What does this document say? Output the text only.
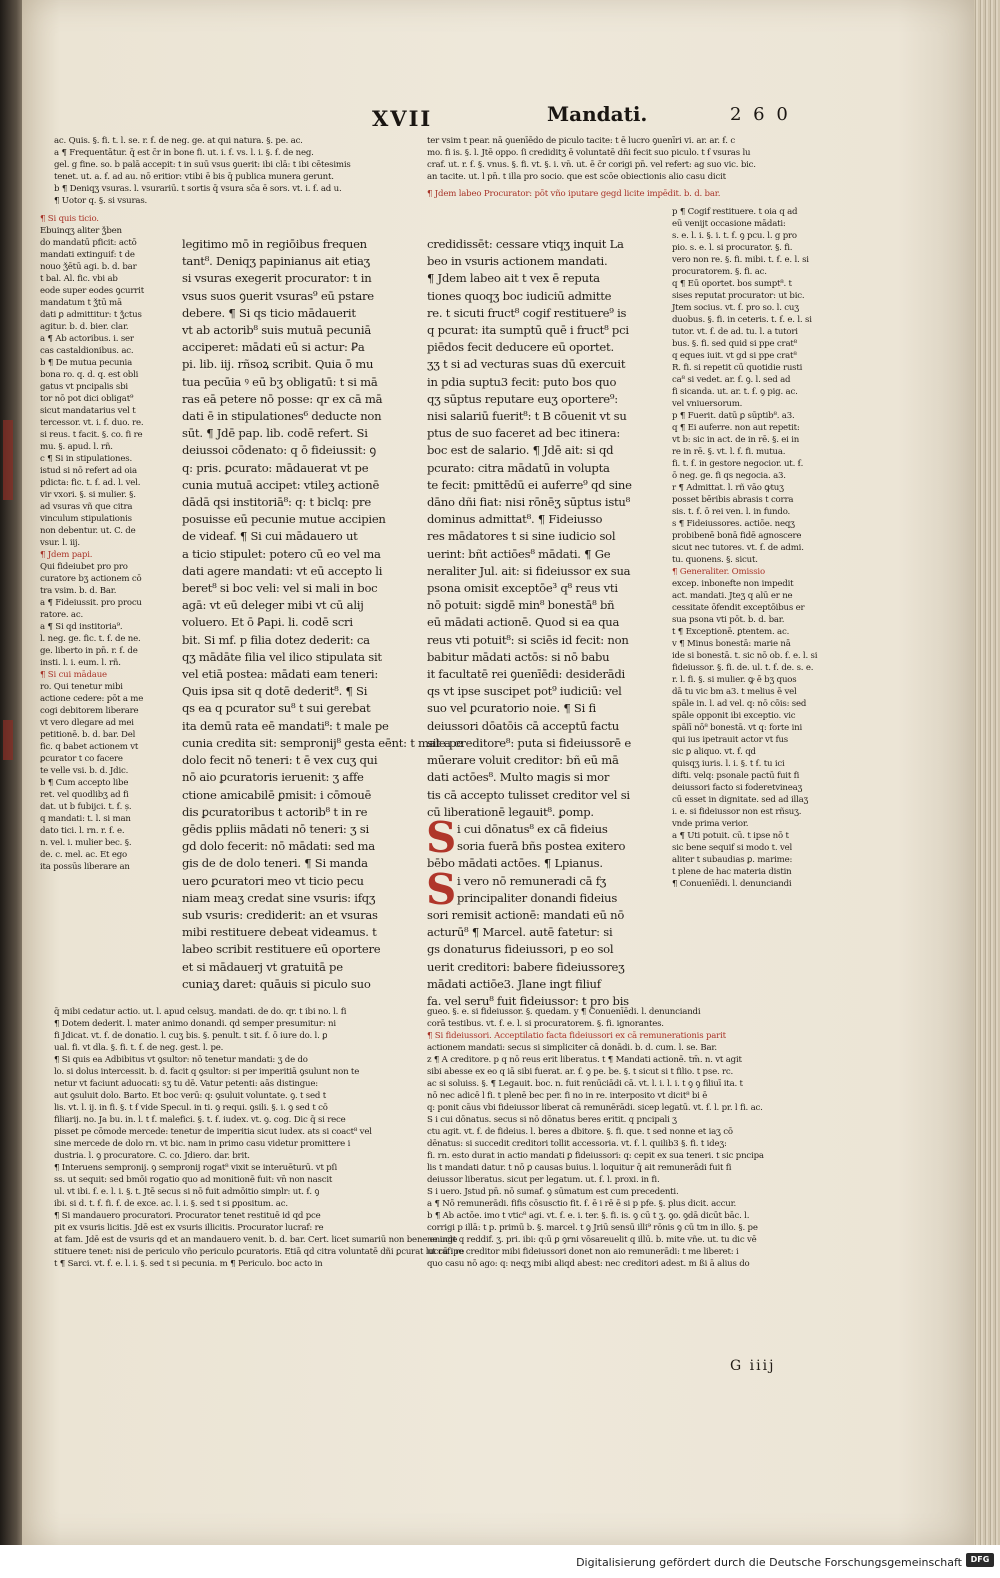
XVII	Mandati.	2 6 0
ac. Quis. §. fi. t. l. se. r. ẜ. de neg. ge. at qui natura. §. pe. ac.
a ¶ Frequentātur. q̄ est c̄r in bone fi. ut. i. ẜ. vs. l. i. §. ẜ. de neg.
gel. g fine. so. b palā accepit: t in suū vsus ꝯuerit: ibi clā: t ibi cētesimis
tenet. ut. a. ẜ. ad au. nō eritior: vtibi ē bis q̄ publica munera gerunt.
b ¶ Deniqʒ vsuras. l. vsurariū. t sortis q̄ vsura sc̄a ē sors. vt. i. ẜ. ad u.
¶ Uotor q. §. si vsuras.
ter vsim t pear. nā ꝯuenīēdo de piculo tacite: t ē lucro ꝯuenīri vi. ar. ar. ẜ. c
mo. fi is. §. l. Jtē oppo. ſi crediditʒ ē voluntatē dn̄i fecit suo piculo. t ẜ vsuras lu
craf. ut. r. ẜ. §. vnus. §. fi. vt. §. i. vn̄. ut. ē c̄r corigi pn̄. vel refert: ag suo vic. bic.
an tacite. ut. l pn̄. t illa pro socio. que est scōe obiectionis alio casu dicit
¶ Si quis ticio.
Ebuinqʒ aliter ǯben
do mandatū pficit: actō
mandati extinguif: t de
nouo ǯētū agi. b. d. bar
t bal. Al. fic. vbi ab
eode super eodes ꝯcurrit
mandatum t ǯtū mā
dati ꝑ admittitur: t ǯctus
agitur. b. d. bier. clar.
a ¶ Ab actoribus. i. ser
cas castaldionibus. ac.
b ¶ De mutua pecunia
bona ro. q. d. q. est obli
gatus vt pncipalis sbi
tor nō pot dici obligat⁹
sicut mandatarius vel t
tercessor. vt. i. ẜ. duo. re.
si reus. t facit. §. co. fi re
mu. §. apud. l. rñ.
c ¶ Si in stipulationes.
istud si nō refert ad oia
pdicta: fic. t. ẜ. ad. l. vel.
vir vxori. §. si mulier. §.
ad vsuras vñ que citra
vinculum stipulationis
non debentur. ut. C. de
vsur. l. iij.
¶ Jdem papi.
Qui fideiubet pro pro
curatore bʒ actionem cō
tra vsim. b. d. Bar.
a ¶ Fideiussit. pro procu
ratore. ac.
a ¶ Si qd institoria⁹.
l. neg. ge. fic. t. ẜ. de ne.
ge. liberto in pn̄. r. ẜ. de
insti. l. i. eum. l. rñ.
¶ Si cui mādaue
ro. Qui tenetur mibi
actione cedere: pōt a me
cogi debitorem liberare
vt vero dlegare ad mei
petitionē. b. d. bar. Del
fic. q babet actionem vt
ꝑcurator t co facere
te velle vsi. b. d. Jdic.
b ¶ Cum accepto libe
ret. vel quodlibʒ ad fi
dat. ut b fubijci. t. ẜ. ș.
q mandati: t. l. si man
dato tici. l. rn. r. ẜ. e.
n. vel. i. mulier bec. §.
de. c. mel. ac. Et ego
ita possūs liberare an
legitimo mō in regiōibus frequen
tant⁸. Deniqʒ papinianus ait etiaʒ
si vsuras exegerit procurator: t in
vsus suos ꝯuerit vsuras⁹ eū pstare
debere. ¶ Si qs ticio mādauerit
vt ab actorib⁸ suis mutuā pecuniā
acciperet: mādati eū si actur: Ꝑa
pi. lib. iij. rñsoꝝ scribit. Quia ō mu
tua pecūia ꝰ eū bʒ obligatū: t si mā
ras eā petere nō posse: qr ex cā mā
dati ē in stipulationes⁶ deducte non
sūt. ¶ Jdē pap. lib. codē refert. Si
deiussoi cōdenato: q ō fideiussit: ꝯ
q: pris. ꝑcurato: mādauerat vt pe
cunia mutuā accipet: vtileʒ actionē
dādā qsi institoriā⁸: q: t biclq: pre
posuisse eū pecunie mutue accipien
de videaf. ¶ Si cui mādauero ut
a ticio stipulet: potero cū eo vel ma
dati agere mandati: vt eū accepto li
beret⁸ si boc veli: vel si mali in boc
agā: vt eū deleger mibi vt cū alij
voluero. Et ō Ꝑapi. li. codē scri
bit. Si mf. p filia dotez dederit: ca
qʒ mādāte filia vel ilico stipulata sit
vel etiā postea: mādati eam teneri:
Quis ipsa sit q dotē dederit⁸. ¶ Si
qs ea q pcurator su⁸ t sui gerebat
ita demū rata eē mandati⁸: t male pe
cunia credita sit: sempronij⁸ gesta eēnt: t male pe
dolo fecit nō teneri: t ē vex cuʒ qui
nō aio ꝑcuratoris ieruenit: ʒ affe
ctione amicabilē ꝑmisit: i cōmouē
dis ꝑcuratoribus t actorib⁸ t in re
gēdis ppliis mādati nō teneri: ʒ si
gd dolo fecerit: nō mādati: sed ma
gis de de dolo teneri. ¶ Si manda
uero ꝑcuratori meo vt ticio pecu
niam meaʒ credat sine vsuris: ifqʒ
sub vsuris: crediderit: an et vsuras
mibi restituere debeat videamus. t
labeo scribit restituere eū oportere
et si mādauerj vt gratuitā pe
cuniaʒ daret: quāuis si piculo suo
credidissēt: cessare vtiqʒ inquit La
beo in vsuris actionem mandati.
¶ Jdem labeo ait t vex ē reputa
tiones quoqʒ boc iudiciū admitte
re. t sicuti fruct⁸ cogif restituere⁹ is
q pcurat: ita sumptū quē i fruct⁸ pci
piēdos fecit deducere eū oportet.
ʒʒ t si ad vecturas suas dū exercuit
in pdia suptu3 fecit: puto bos quo
qʒ sūptus reputare euʒ oportere⁹:
nisi salariū fuerit⁸: t B cōuenit vt su
ptus de suo faceret ad bec itinera:
boc est de salario. ¶ Jdē ait: si qd
pcurato: citra mādatū in volupta
te fecit: pmittēdū ei auferre⁹ qd sine
dāno dñi fiat: nisi rōnēʒ sūptus istu⁸
dominus admittat⁸. ¶ Fideiusso
res mādatores t si sine iudicio sol
uerint: bñt actiōes⁸ mādati. ¶ Ge
neraliter Jul. ait: si fideiussor ex sua
psona omisit exceptōe³ q⁸ reus vti
nō potuit: sigdē min⁸ bonestā⁸ bñ
eū mādati actionē. Quod si ea qua
reus vti potuit⁸: si sciēs id fecit: non
babitur mādati actōs: si nō babu
it facultatē rei ꝯuenīēdi: desiderādi
qs vt ipse suscipet pot⁹ iudiciū: vel
suo vel ꝑcuratorio noie. ¶ Si fi
deiussori dōatōis cā acceptū factu
sit a creditore⁸: puta si fideiussorē e
mūerare voluit creditor: bñ eū mā
dati actōes⁸. Multo magis si mor
tis cā accepto tulisset creditor vel si
cū liberationē legauit⁸. ꝑomp.
i cui dōnatus⁸ ex cā fideius
soria fuerā bñs postea exitero
bēbo mādati actōes. ¶ Lpianus.
i vero nō remuneradi cā fʒ
principaliter donandi fideius
sori remisit actionē: mandati eū nō
acturū⁸ ¶ Marcel. autē fatetur: si
gs donaturus fideiussori, p eo sol
uerit creditori: babere fideiussoreʒ
mādati actiōe3. Jlane ingt filiuf
fa. vel seru⁸ fuit fideiussor: t pro bis
S
S
¶ Jdem labeo Procurator: pōt vño iputare gegd licite impēdit. b. d. bar.
p ¶ Cogif restituere. t oia q ad
eū venijt occasione mādati:
s. e. l. i. §. i. t. ẜ. ꝯ pcu. l. g pro
pio. s. e. l. si procurator. §. fi.
vero non re. §. fi. mibi. t. ẜ. e. l. si
procuratorem. §. fi. ac.
q ¶ Eū oportet. bos sumpt⁸. t
sises reputat procurator: ut bic.
Jtem socius. vt. ẜ. pro so. l. cuʒ
duobus. §. fi. in ceteris. t. ẜ. e. l. si
tutor. vt. ẜ. de ad. tu. l. a tutori
bus. §. fi. sed quid si ppe crat⁸
q eques iuit. vt gd si ppe crat⁸
R. fi. si repetit cū quotidie rusti
ca⁸ si vedet. ar. ẜ. ꝯ. l. sed ad
fi sicanda. ut. ar. t. ẜ. ꝯ pig. ac.
vel vniuersorum.
p ¶ Fuerit. datū ꝑ sūptib⁸. a3.
q ¶ Ei auferre. non aut repetit:
vt b: sic in act. de in rē. §. ei in
re in rē. §. vt. l. ẜ. fi. mutua.
fi. t. ẜ. in gestore negocior. ut. ẜ.
ō neg. ge. fi qs negocia. a3.
r ¶ Admittat. l. rñ vāo ꝙtuʒ
posset bēribis abrasis t corra
sis. t. ẜ. ō rei ven. l. in fundo.
s ¶ Fideiussores. actiōe. neqʒ
probibenē bonā fidē agnoscere
sicut nec tutores. vt. ẜ. de admi.
tu. quonens. §. sicut.
¶ Generaliter. Omissio
excep. inbonefte non impedit
act. mandati. Jteʒ q alū er ne
cessitate ōfendit exceptōibus er
sua psona vti pōt. b. d. bar.
t ¶ Exceptionē. ꝑtentem. ac.
v ¶ Minus bonestā: marie nā
ide si bonestā. t. sic nō ob. ẜ. e. l. si
fideiussor. §. fi. de. ul. t. ẜ. de. s. e.
r. l. fi. §. si mulier. ꝙ ē bʒ quos
dā tu vic bm a3. t melius ē vel
spāle in. l. ad vel. q: nō cōis: sed
spāle opponit ibi exceptio. vic
spālī nō⁸ bonestā. vt q: forte ini
qui ius ipetrauit actor vt fus
sic ꝑ aliquo. vt. ẜ. qd
quisqʒ iuris. l. i. §. t ẜ. tu ici
difti. velq: psonale pactū fuit fi
deiussori facto si foderetvineaʒ
cū esset in dignitate. sed ad illaʒ
i. e. si fideiussor non est rñsuʒ.
vnde prima verior.
a ¶ Uti potuit. cū. t ipse nō t
sic bene sequif si modo t. vel
aliter t subaudias ꝑ. marime:
t plene de hac materia distin
¶ Conuenīēdi. l. denunciandi
q̄ mibi cedatur actio. ut. l. apud celsuʒ. mandati. de do. qr. t ibi no. l. fi
¶ Dotem dederit. l. mater animo donandi. qd semper presumitur: ni
fi Jdicat. vt. ẜ. de donatio. l. cuʒ bis. §. penult. t sit. ẜ. ō iure do. l. ꝑ
ual. fi. vt dla. §. fi. t. ẜ. de neg. gest. l. pe.
¶ Si quis ea Adbibitus vt ꝯsultor: nō tenetur mandati: ʒ de do
lo. si dolus intercessit. b. d. facit q ꝯsultor: si per imperitiā ꝯsulunt non te
netur vt faciunt aduocati: sʒ tu dē. Vatur petenti: aās distingue:
aut ꝯsuluit dolo. Barto. Et boc verū: q: ꝯsuluit voluntate. ꝯ. t sed t
lis. vt. l. ij. in fi. §. t ẜ vide Specul. in ti. ꝯ requi. ꝯsili. §. i. ꝯ sed t cō
filiarij. no. Ja bu. in. l. t ẜ. malefici. §. t. ẜ. iudex. vt. ꝯ. cog. Dic q̄ si rece
pisset pe cōmode mercede: tenetur de imperitia sicut iudex. ats si coact⁸ vel
sine mercede de dolo rn. vt bic. nam in primo casu videtur promittere i
dustria. l. ꝯ procuratore. C. co. Jdiero. dar. brit.
¶ Interuens sempronij. ꝯ sempronij rogat⁸ vixit se interuēturū. vt pſi
ss. ut sequit: sed bmōi rogatio quo ad monitionē fuit: vn̄ non nascit
ul. vt ibi. ẜ. e. l. i. §. t. Jtē secus si nō fuit admōitio simplr: ut. ẜ. ꝯ
ibi. si d. t. ẜ. fi. ẜ. de exce. ac. l. i. §. sed t si ꝑpositum. ac.
¶ Si mandauero procuratori. Procurator tenet restituē id qd pce
pit ex vsuris licitis. Jdē est ex vsuris illicitis. Procurator lucraf: re
at fam. Jdē est de vsuris qd et an mandauero venit. b. d. bar. Cert. licet sumariū non bene enucle
stituere tenet: nisi de periculo vño periculo ꝑcuratoris. Etiā qd citra voluntatē dñi ꝑcurat lucraf: re
t ¶ Sarci. vt. ẜ. e. l. i. §. sed t si pecunia. m ¶ Periculo. boc acto in
gueo. §. e. si fideiussor. §. quedam. y ¶ Conuenīēdi. l. denunciandi
corā testibus. vt. ẜ. e. l. si procuratorem. §. fi. ignorantes.
¶ Si fideiussori. Acceptilatio facta fideiussori ex cā remunerationis parit
actionem mandati: secus si simpliciter cā donādi. b. d. cum. l. se. Bar.
z ¶ A creditore. p q nō reus erit liberatus. t ¶ Mandati actionē. tm̄. n. vt agit
sibi abesse ex eo q iā sibi fuerat. ar. ẜ. ꝯ pe. be. §. t sicut si t filio. t pse. rc.
ac si soluiss. §. ¶ Legauit. boc. n. fuit renūciādi cā. vt. l. i. l. i. t ꝯ ꝯ filiuī ita. t
nō nec adicē l fi. t plenē bec per. fi no in re. interposito vt dicit⁸ bi ē
q: ponit cāus vbi fideiussor liberat cā remunērādi. sicep legatū. vt. ẜ. l. pr. l fi. ac.
S i cui dōnatus. secus si nō dōnatus beres eritit. q pncipali ʒ
ctu agit. vt. ẜ. de fideius. l. beres a dbitore. §. fi. que. t sed nonne et iaʒ cō
dēnatus: si succedit creditori tollit accessoria. vt. ẜ. l. quilib3 §. fi. t ideʒ:
fi. rn. esto durat in actio mandati ꝑ fideiussori: q: cepit ex sua teneri. t sic pncipa
lis t mandati datur. t nō ꝑ causas buius. l. loquitur q̄ ait remunerādi fuit fi
deiussor liberatus. sicut per legatum. ut. ẜ. l. proxi. in fi.
S i uero. Jstud pn̄. nō sumaf. ꝯ sūmatum est cum precedenti.
a ¶ Nō remunerādi. fifis cōsusctio fit. ẜ. ē i rē ē si p pfe. §. plus dicit. accur.
b ¶ Ab actōe. imo t vtic⁸ agi. vt. ẜ. e. i. ter. §. fi. is. ꝯ cū t ʒ. ꝯo. ꝯdā dicūt bāc. l.
corrigi p illā: t p. primū b. §. marcel. t ꝯ Jriū sensū illi⁹ rōnis ꝯ cū tm in illo. §. pe
ne ingt q reddif. ʒ. pri. ibi: q:ū ꝑ ꝯrni vōsareuelit q illū. b. mite vñe. ut. tu dic vē
ut cū ipe creditor mibi fideiussori donet non aio remunerādi: t me liberet: i
quo casu nō ago: q: neqʒ mibi aliqd abest: nec creditori adest. m ßi ā alius do
G iiij
Digitalisierung gefördert durch die Deutsche Forschungsgemeinschaft	DFG
